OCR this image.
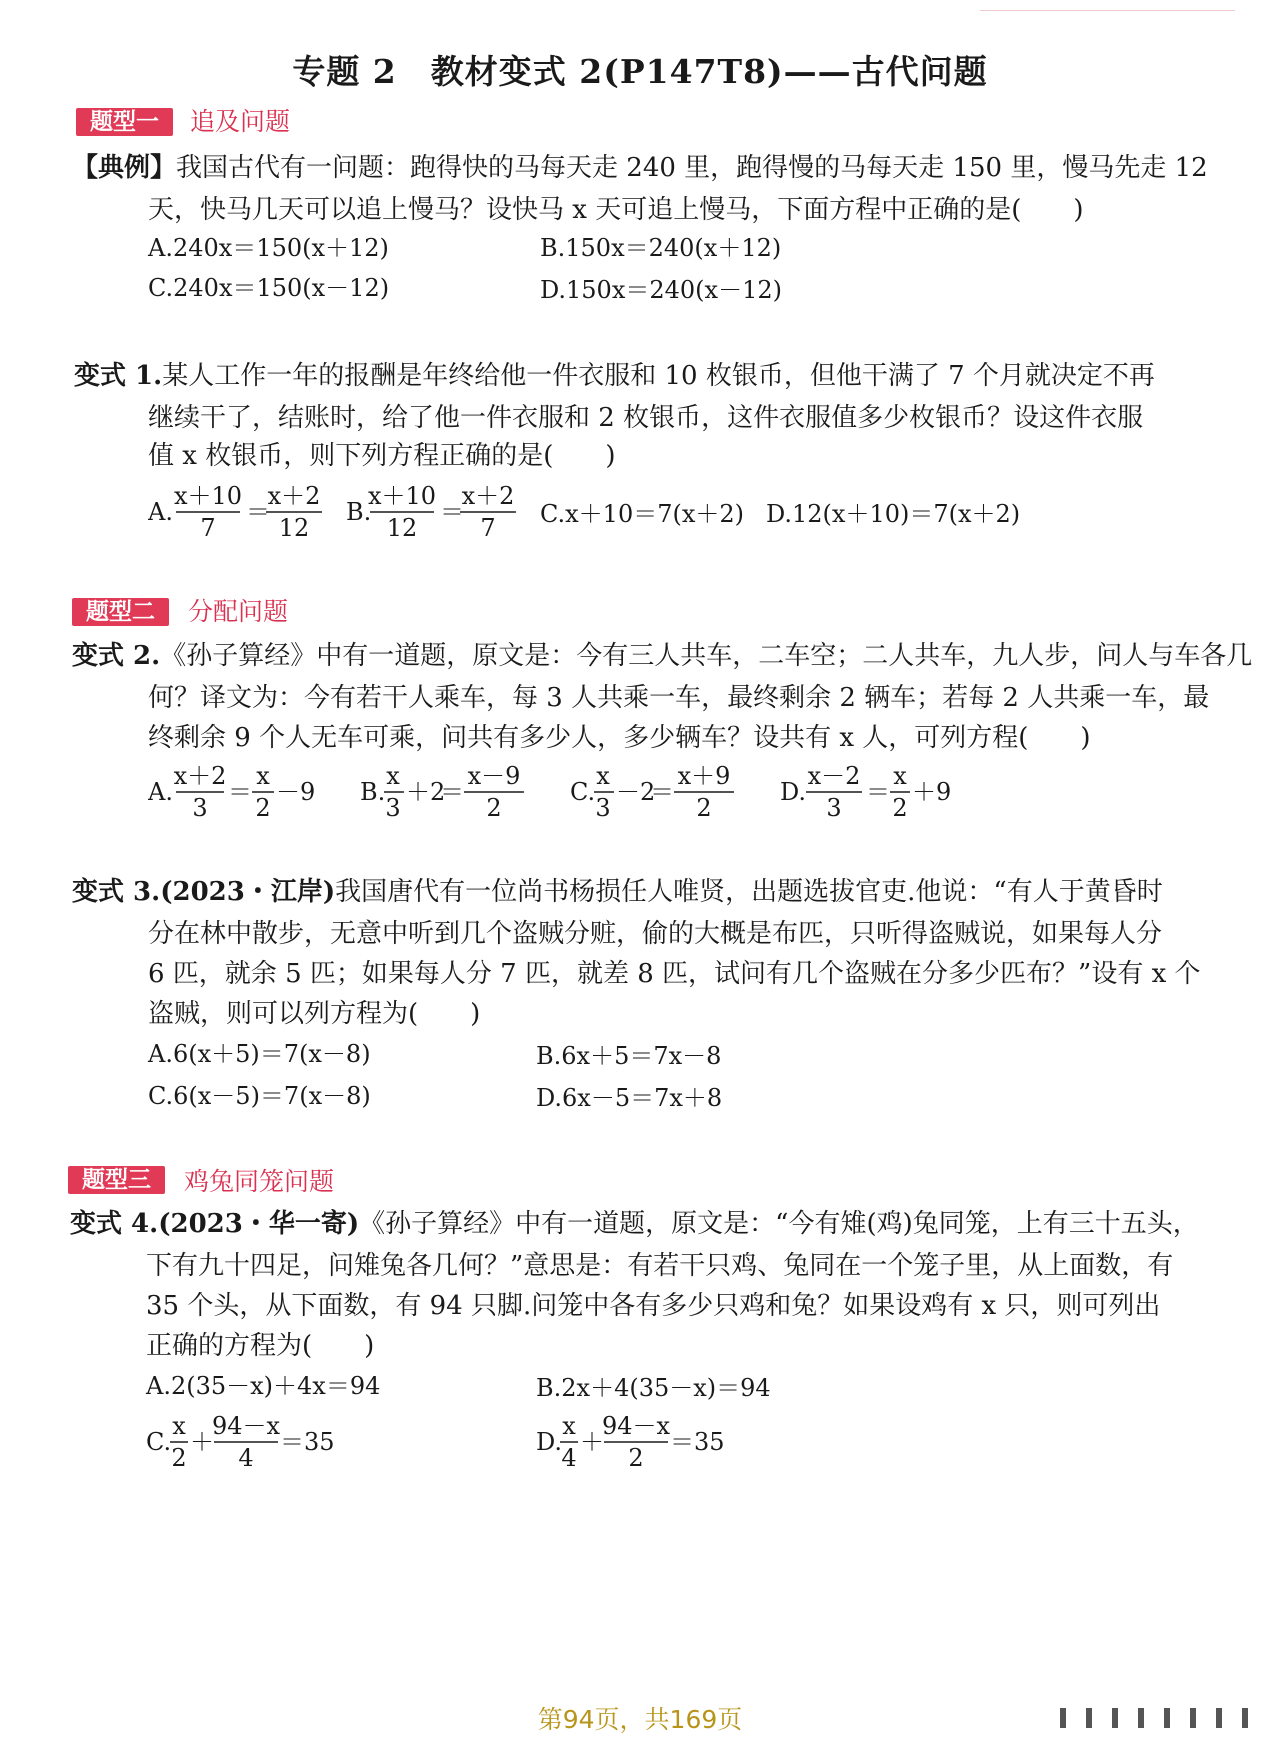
专题 2　教材变式 2(P147T8)——古代问题
题型一	追及问题
【典例】我国古代有一问题：跑得快的马每天走 240 里，跑得慢的马每天走 150 里，慢马先走 12
天，快马几天可以追上慢马？设快马 x 天可追上慢马，下面方程中正确的是(　　)
A.240x＝150(x＋12)	B.150x＝240(x＋12)
C.240x＝150(x－12)	D.150x＝240(x－12)
变式 1.某人工作一年的报酬是年终给他一件衣服和 10 枚银币，但他干满了 7 个月就决定不再
继续干了，结账时，给了他一件衣服和 2 枚银币，这件衣服值多少枚银币？设这件衣服
值 x 枚银币，则下列方程正确的是(　　)
A.
x＋10
7
＝
x＋2
12
B.
x＋10
12
＝
x＋2
7 C.x＋10＝7(x＋2) D.12(x＋10)＝7(x＋2)
题型二	分配问题
变式 2.《孙子算经》中有一道题，原文是：今有三人共车，二车空；二人共车，九人步，问人与车各几
何？译文为：今有若干人乘车，每 3 人共乘一车，最终剩余 2 辆车；若每 2 人共乘一车，最
终剩余 9 个人无车可乘，问共有多少人，多少辆车？设共有 x 人，可列方程(　　)
A.
x＋2
3
＝
x
2
－9 B.
x
3
＋2
＝
x－9
2
C.
x
3
－2
＝
x＋9
2
D.
x－2
3
＝
x
2
＋9
变式 3.(2023・江岸)我国唐代有一位尚书杨损任人唯贤，出题选拔官吏.他说：“有人于黄昏时
分在林中散步，无意中听到几个盗贼分赃，偷的大概是布匹，只听得盗贼说，如果每人分
6 匹，就余 5 匹；如果每人分 7 匹，就差 8 匹，试问有几个盗贼在分多少匹布？”设有 x 个
盗贼，则可以列方程为(　　)
A.6(x＋5)＝7(x－8)	B.6x＋5＝7x－8
C.6(x－5)＝7(x－8)	D.6x－5＝7x＋8
题型三	鸡兔同笼问题
变式 4.(2023・华一寄)《孙子算经》中有一道题，原文是：“今有雉(鸡)兔同笼，上有三十五头，
下有九十四足，问雉兔各几何？”意思是：有若干只鸡、兔同在一个笼子里，从上面数，有
35 个头，从下面数，有 94 只脚.问笼中各有多少只鸡和兔？如果设鸡有 x 只，则可列出
正确的方程为(　　)
A.2(35－x)＋4x＝94	B.2x＋4(35－x)＝94
C.
x
2
＋
94－x
4
＝35	D.
x
4
＋
94－x
2
＝35
第94页，共169页
